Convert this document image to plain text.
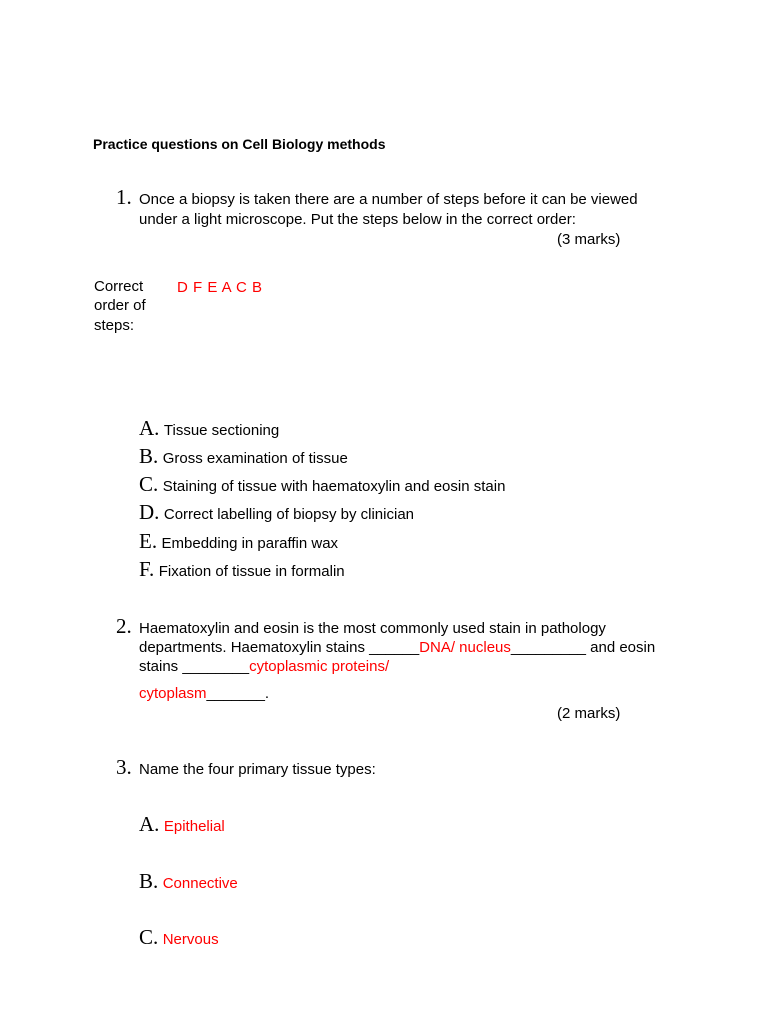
Practice questions on Cell Biology methods
1. Once a biopsy is taken there are a number of steps before it can be viewed
under a light microscope. Put the steps below in the correct order:
(3 marks)
Correct
order of
steps:
D F E A C B
A. Tissue sectioning
B. Gross examination of tissue
C. Staining of tissue with haematoxylin and eosin stain
D. Correct labelling of biopsy by clinician
E. Embedding in paraffin wax
F. Fixation of tissue in formalin
2. Haematoxylin and eosin is the most commonly used stain in pathology
departments. Haematoxylin stains ______DNA/ nucleus_________ and eosin
stains ________cytoplasmic proteins/
cytoplasm_______.
(2 marks)
3. Name the four primary tissue types:
A. Epithelial
B. Connective
C. Nervous
